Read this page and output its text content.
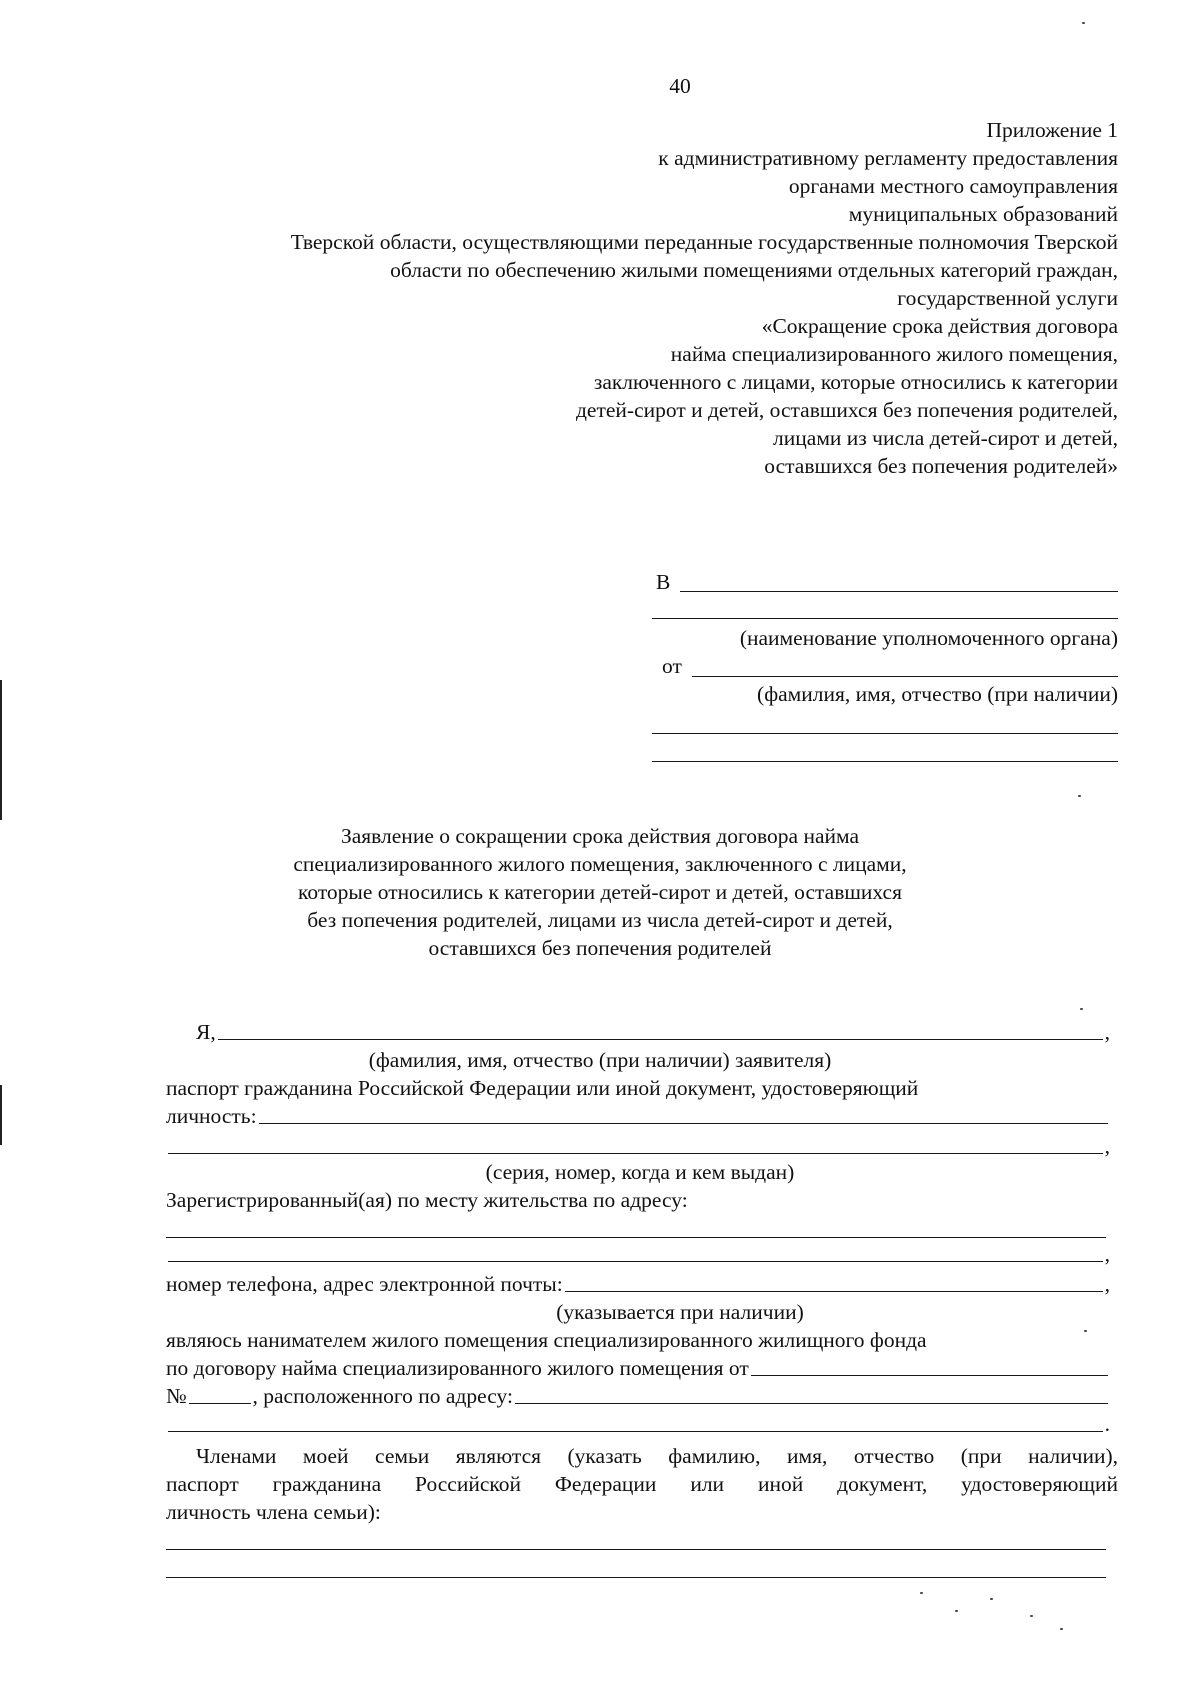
40
Приложение 1
к административному регламенту предоставления
органами местного самоуправления
муниципальных образований
Тверской области, осуществляющими переданные государственные полномочия Тверской
области по обеспечению жилыми помещениями отдельных категорий граждан,
государственной услуги
«Сокращение срока действия договора
найма специализированного жилого помещения,
заключенного с лицами, которые относились к категории
детей-сирот и детей, оставшихся без попечения родителей,
лицами из числа детей-сирот и детей,
оставшихся без попечения родителей»
В
(наименование уполномоченного органа)
от
(фамилия, имя, отчество (при наличии)
Заявление о сокращении срока действия договора найма
специализированного жилого помещения, заключенного с лицами,
которые относились к категории детей-сирот и детей, оставшихся
без попечения родителей, лицами из числа детей-сирот и детей,
оставшихся без попечения родителей
Я,	,
(фамилия, имя, отчество (при наличии) заявителя)
паспорт гражданина Российской Федерации или иной документ, удостоверяющий
личность:
,
(серия, номер, когда и кем выдан)
Зарегистрированный(ая) по месту жительства по адресу:
,
номер телефона, адрес электронной почты:	,
(указывается при наличии)
являюсь нанимателем жилого помещения специализированного жилищного фонда
по договору найма специализированного жилого помещения от
№	, расположенного по адресу:
.
Членами моей семьи являются (указать фамилию, имя, отчество (при наличии),
паспорт гражданина Российской Федерации или иной документ, удостоверяющий
личность члена семьи):
